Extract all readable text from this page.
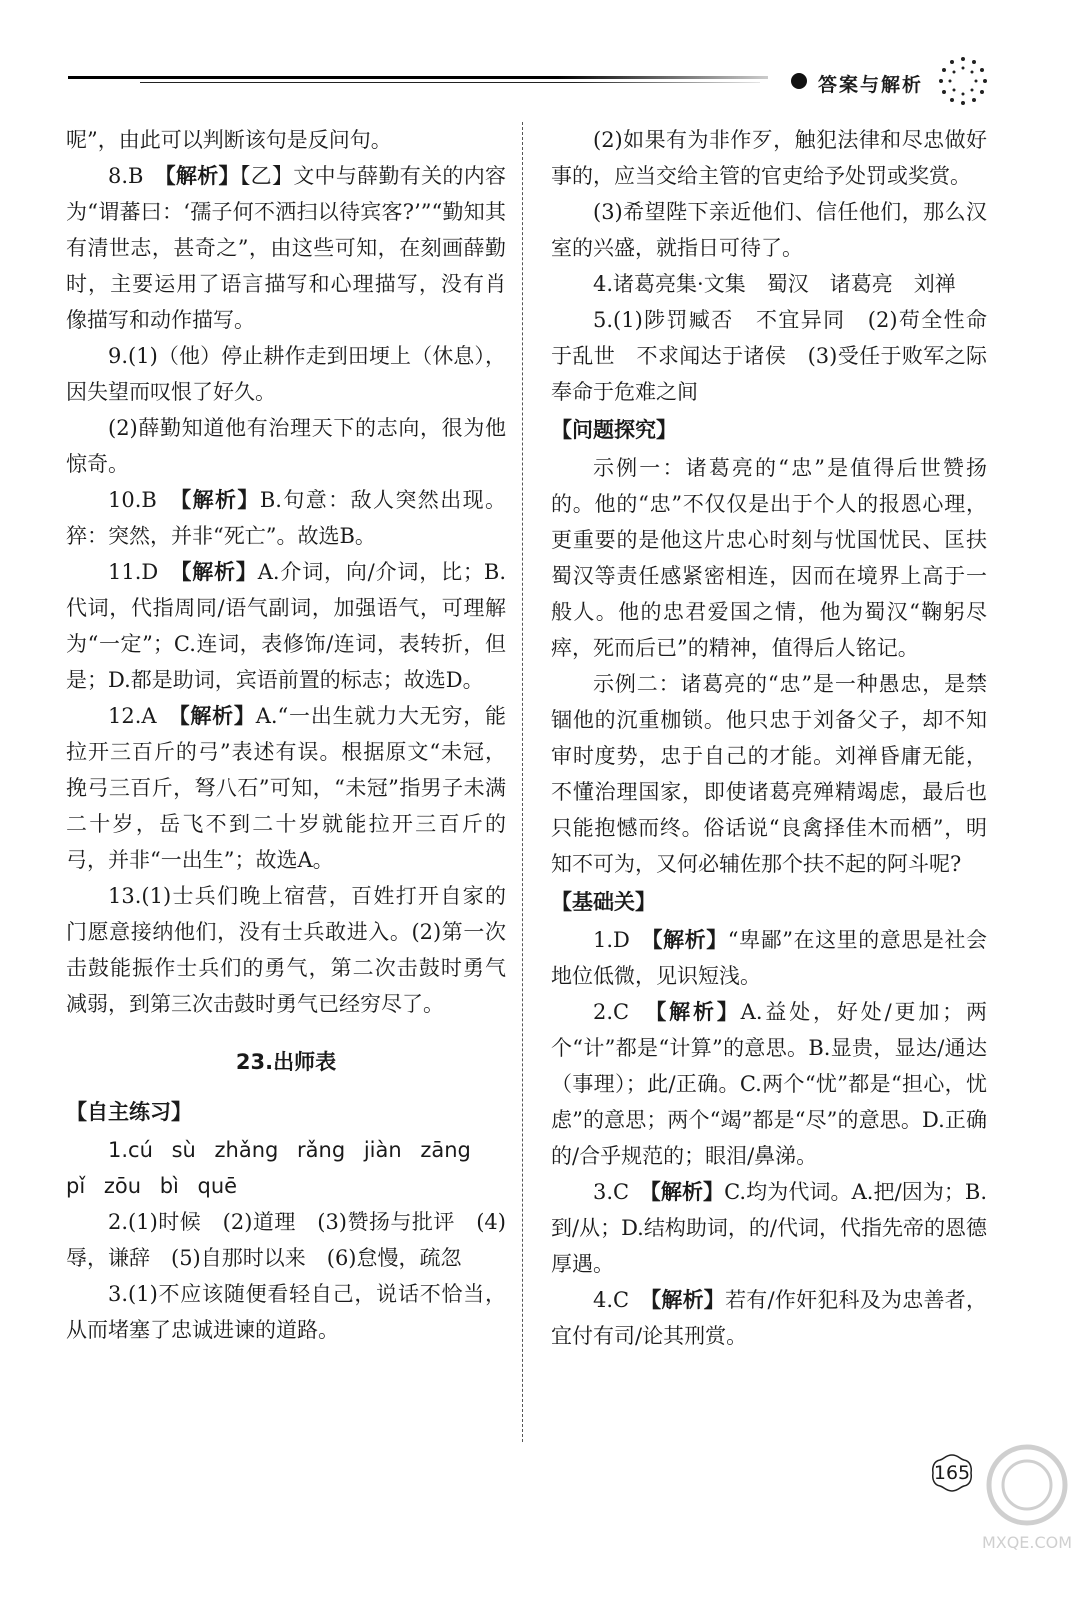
答案与解析

呢”，由此可以判断该句是反问句。

8.B　 【解析】【乙】文中与薛勤有关的内容为“谓蕃曰：‘孺子何不洒扫以待宾客?’”“勤知其有清世志，甚奇之”，由这些可知，在刻画薛勤时，主要运用了语言描写和心理描写，没有肖像描写和动作描写。

9.(1)（他）停止耕作走到田埂上（休息），因失望而叹恨了好久。

(2)薛勤知道他有治理天下的志向，很为他惊奇。

10.B　 【解析】B.句意：敌人突然出现。猝：突然，并非“死亡”。故选B。

11.D　 【解析】A.介词，向/介词，比；B.代词，代指周同/语气副词，加强语气，可理解为“一定”；C.连词，表修饰/连词，表转折，但是；D.都是助词，宾语前置的标志；故选D。

12.A　 【解析】A.“一出生就力大无穷，能拉开三百斤的弓”表述有误。根据原文“未冠，挽弓三百斤，弩八石”可知，“未冠”指男子未满二十岁，岳飞不到二十岁就能拉开三百斤的弓，并非“一出生”；故选A。

13.(1)士兵们晚上宿营，百姓打开自家的门愿意接纳他们，没有士兵敢进入。(2)第一次击鼓能振作士兵们的勇气，第二次击鼓时勇气减弱，到第三次击鼓时勇气已经穷尽了。

23.出师表
【自主练习】

1.cú sù zhǎng rǎng jiàn zāng

pǐ zōu bì quē

2.(1)时候　(2)道理　(3)赞扬与批评　(4)辱，谦辞　(5)自那时以来　(6)怠慢，疏忽

3.(1)不应该随便看轻自己，说话不恰当，从而堵塞了忠诚进谏的道路。

(2)如果有为非作歹，触犯法律和尽忠做好事的，应当交给主管的官吏给予处罚或奖赏。

(3)希望陛下亲近他们、信任他们，那么汉室的兴盛，就指日可待了。

4.诸葛亮集·文集　蜀汉　诸葛亮　刘禅

5.(1)陟罚臧否　不宜异同　(2)苟全性命于乱世　不求闻达于诸侯　(3)受任于败军之际　奉命于危难之间

【问题探究】

示例一：诸葛亮的“忠”是值得后世赞扬的。他的“忠”不仅仅是出于个人的报恩心理，更重要的是他这片忠心时刻与忧国忧民、匡扶蜀汉等责任感紧密相连，因而在境界上高于一般人。他的忠君爱国之情，他为蜀汉“鞠躬尽瘁，死而后已”的精神，值得后人铭记。

示例二：诸葛亮的“忠”是一种愚忠，是禁锢他的沉重枷锁。他只忠于刘备父子，却不知审时度势，忠于自己的才能。刘禅昏庸无能，不懂治理国家，即使诸葛亮殚精竭虑，最后也只能抱憾而终。俗话说“良禽择佳木而栖”，明知不可为，又何必辅佐那个扶不起的阿斗呢?

【基础关】

1.D　 【解析】“卑鄙”在这里的意思是社会地位低微，见识短浅。

2.C　 【解析】A.益处，好处/更加；两个“计”都是“计算”的意思。B.显贵，显达/通达（事理）；此/正确。C.两个“忧”都是“担心，忧虑”的意思；两个“竭”都是“尽”的意思。D.正确的/合乎规范的；眼泪/鼻涕。

3.C　 【解析】C.均为代词。A.把/因为；B.到/从；D.结构助词，的/代词，代指先帝的恩德厚遇。

4.C　 【解析】若有/作奸犯科及为忠善者，宜付有司/论其刑赏。

165
MXQE.COM
